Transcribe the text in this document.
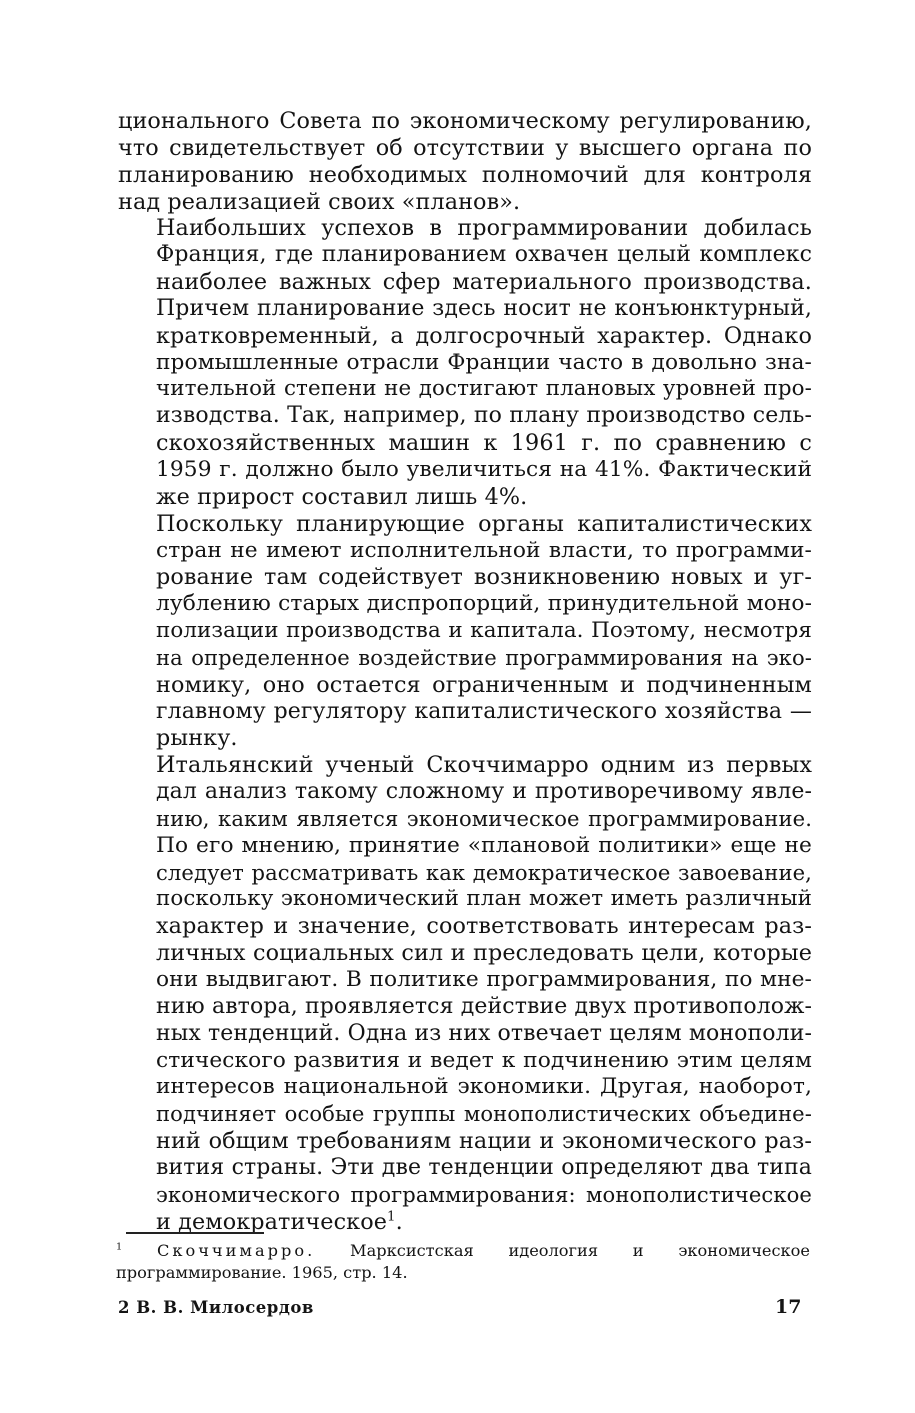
ционального Совета по экономическому регулированию,
что свидетельствует об отсутствии у высшего органа по
планированию необходимых полномочий для контроля
над реализацией своих «планов».

Наибольших успехов в программировании добилась
Франция, где планированием охвачен целый комплекс
наиболее важных сфер материального производства.
Причем планирование здесь носит не конъюнктурный,
кратковременный, а долгосрочный характер. Однако
промышленные отрасли Франции часто в довольно зна-
чительной степени не достигают плановых уровней про-
изводства. Так, например, по плану производство сель-
скохозяйственных машин к 1961 г. по сравнению с
1959 г. должно было увеличиться на 41%. Фактический
же прирост составил лишь 4%.

Поскольку планирующие органы капиталистических
стран не имеют исполнительной власти, то программи-
рование там содействует возникновению новых и уг-
лублению старых диспропорций, принудительной моно-
полизации производства и капитала. Поэтому, несмотря
на определенное воздействие программирования на эко-
номику, оно остается ограниченным и подчиненным
главному регулятору капиталистического хозяйства —
рынку.

Итальянский ученый Скоччимарро одним из первых
дал анализ такому сложному и противоречивому явле-
нию, каким является экономическое программирование.
По его мнению, принятие «плановой политики» еще не
следует рассматривать как демократическое завоевание,
поскольку экономический план может иметь различный
характер и значение, соответствовать интересам раз-
личных социальных сил и преследовать цели, которые
они выдвигают. В политике программирования, по мне-
нию автора, проявляется действие двух противополож-
ных тенденций. Одна из них отвечает целям монополи-
стического развития и ведет к подчинению этим целям
интересов национальной экономики. Другая, наоборот,
подчиняет особые группы монополистических объедине-
ний общим требованиям нации и экономического раз-
вития страны. Эти две тенденции определяют два типа
экономического программирования: монополистическое
и демократическое$^1$.

$^1$ Скоччимарро. Марксистская идеология и экономическое программирование. 1965, стр. 14.
2 В. В. Милосердов	17
